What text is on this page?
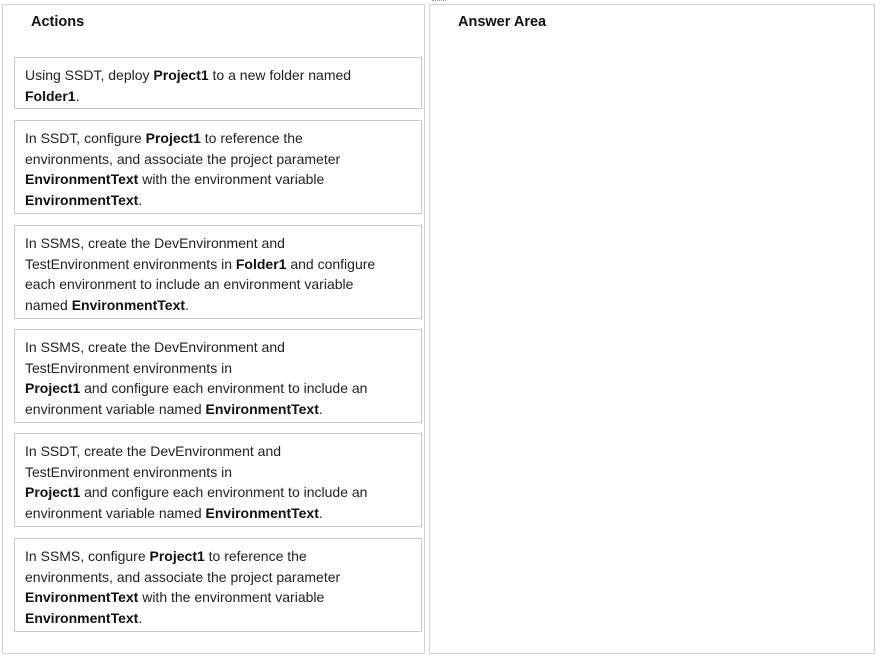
Actions	Answer Area
Using SSDT, deploy Project1 to a new folder named
Folder1.
In SSDT, configure Project1 to reference the
environments, and associate the project parameter
EnvironmentText with the environment variable
EnvironmentText.
In SSMS, create the DevEnvironment and
TestEnvironment environments in Folder1 and configure
each environment to include an environment variable
named EnvironmentText.
In SSMS, create the DevEnvironment and
TestEnvironment environments in
Project1 and configure each environment to include an
environment variable named EnvironmentText.
In SSDT, create the DevEnvironment and
TestEnvironment environments in
Project1 and configure each environment to include an
environment variable named EnvironmentText.
In SSMS, configure Project1 to reference the
environments, and associate the project parameter
EnvironmentText with the environment variable
EnvironmentText.
